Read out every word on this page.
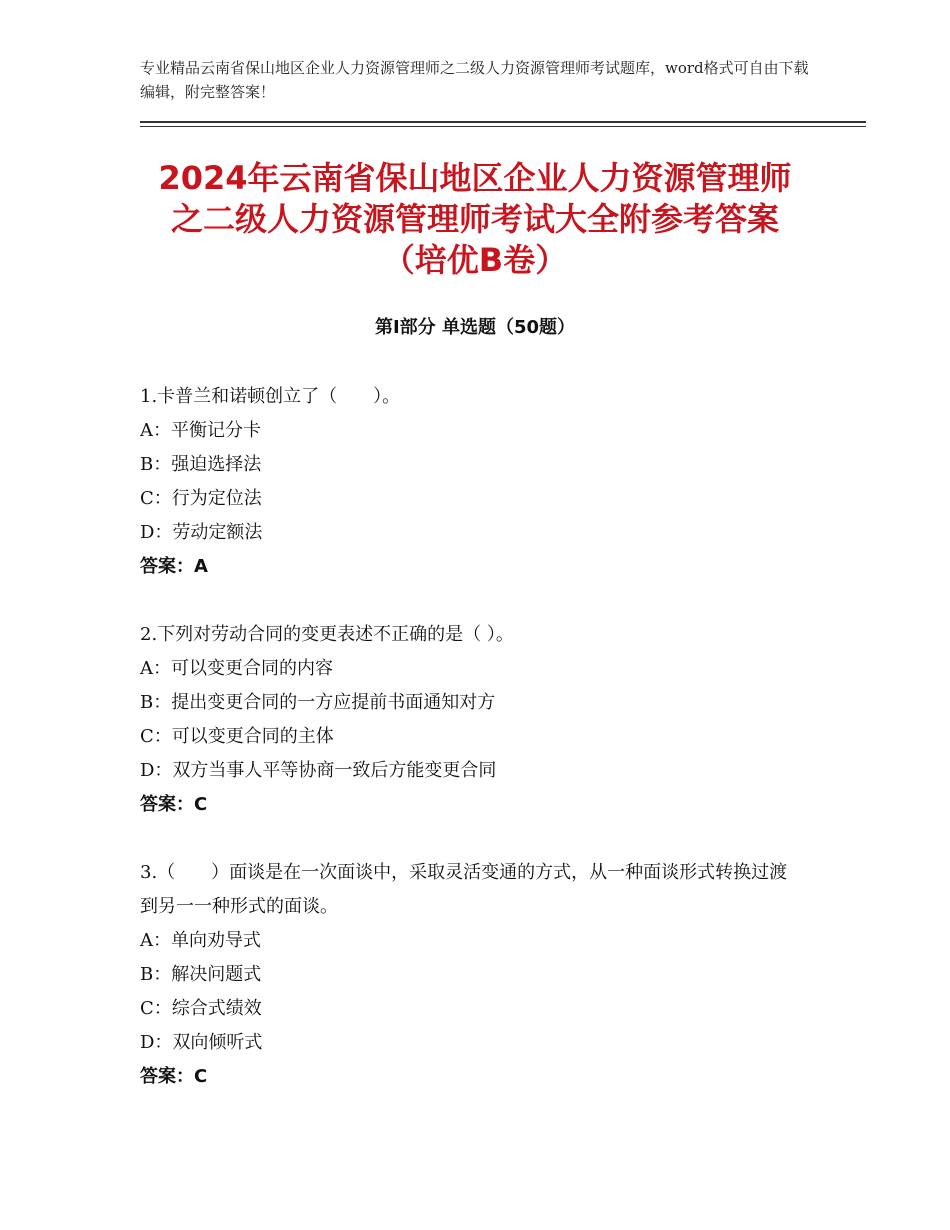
专业精品云南省保山地区企业人力资源管理师之二级人力资源管理师考试题库，word格式可自由下载编辑，附完整答案！
2024年云南省保山地区企业人力资源管理师
之二级人力资源管理师考试大全附参考答案
（培优B卷）
第Ⅰ部分 单选题（50题）

1.卡普兰和诺顿创立了（　　）。

A：平衡记分卡

B：强迫选择法

C：行为定位法

D：劳动定额法

答案：A

2.下列对劳动合同的变更表述不正确的是（ ）。

A：可以变更合同的内容

B：提出变更合同的一方应提前书面通知对方

C：可以变更合同的主体

D：双方当事人平等协商一致后方能变更合同

答案：C

3.（　　）面谈是在一次面谈中，采取灵活变通的方式，从一种面谈形式转换过渡到另一一种形式的面谈。

A：单向劝导式

B：解决问题式

C：综合式绩效

D：双向倾听式

答案：C
